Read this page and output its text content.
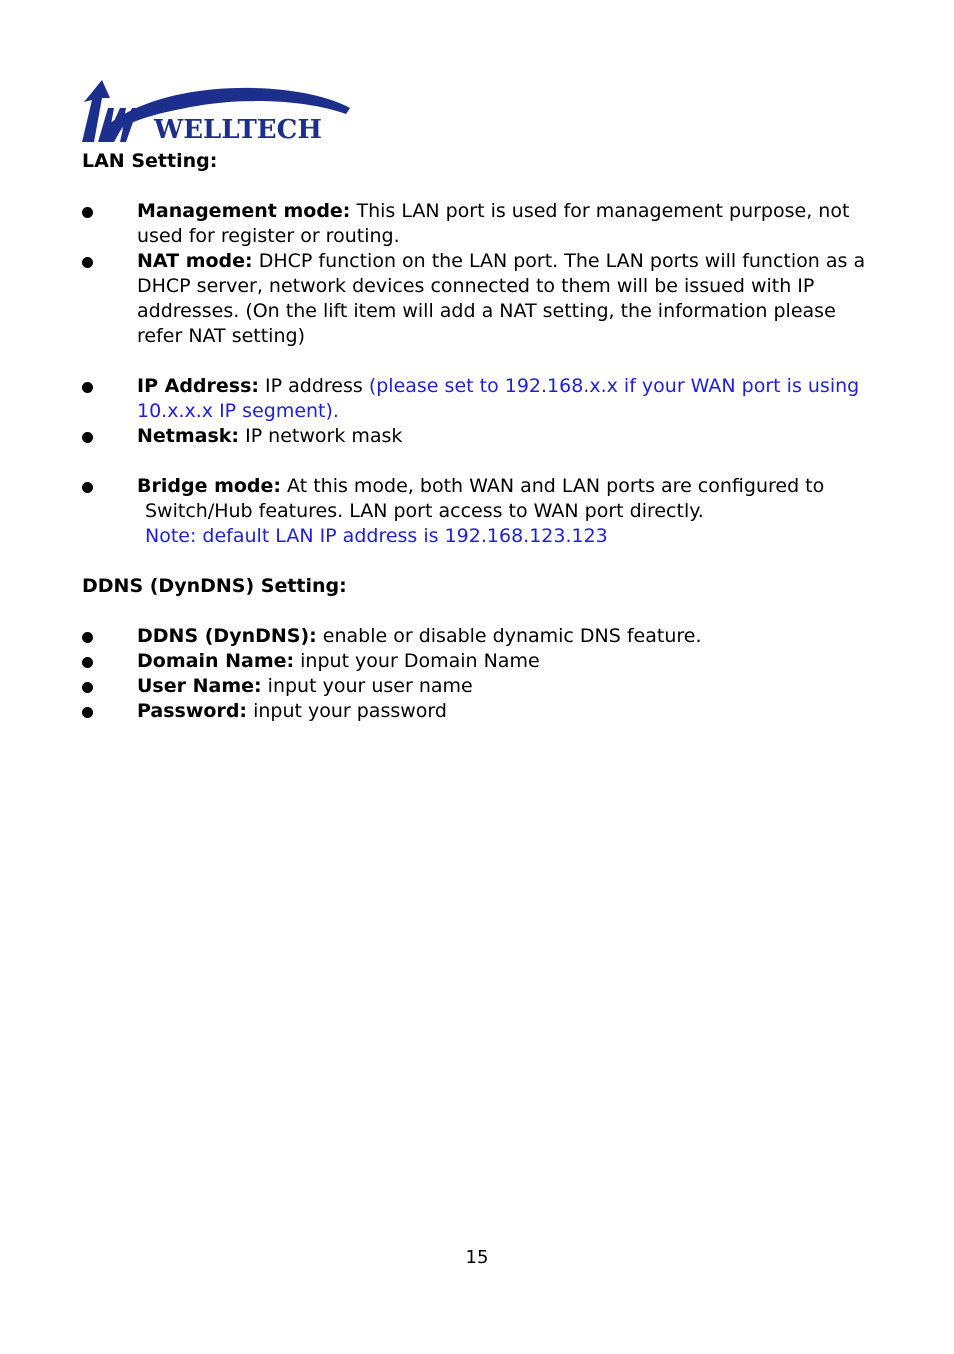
WELLTECH
LAN Setting:
Management mode: This LAN port is used for management purpose, not used for register or routing.
NAT mode: DHCP function on the LAN port. The LAN ports will function as a DHCP server, network devices connected to them will be issued with IP addresses. (On the lift item will add a NAT setting, the information please refer NAT setting)
IP Address: IP address (please set to 192.168.x.x if your WAN port is using 10.x.x.x IP segment).
Netmask: IP network mask
Bridge mode: At this mode, both WAN and LAN ports are configured to
Switch/Hub features. LAN port access to WAN port directly.
Note: default LAN IP address is 192.168.123.123
DDNS (DynDNS) Setting:
DDNS (DynDNS): enable or disable dynamic DNS feature.
Domain Name: input your Domain Name
User Name: input your user name
Password: input your password
15
